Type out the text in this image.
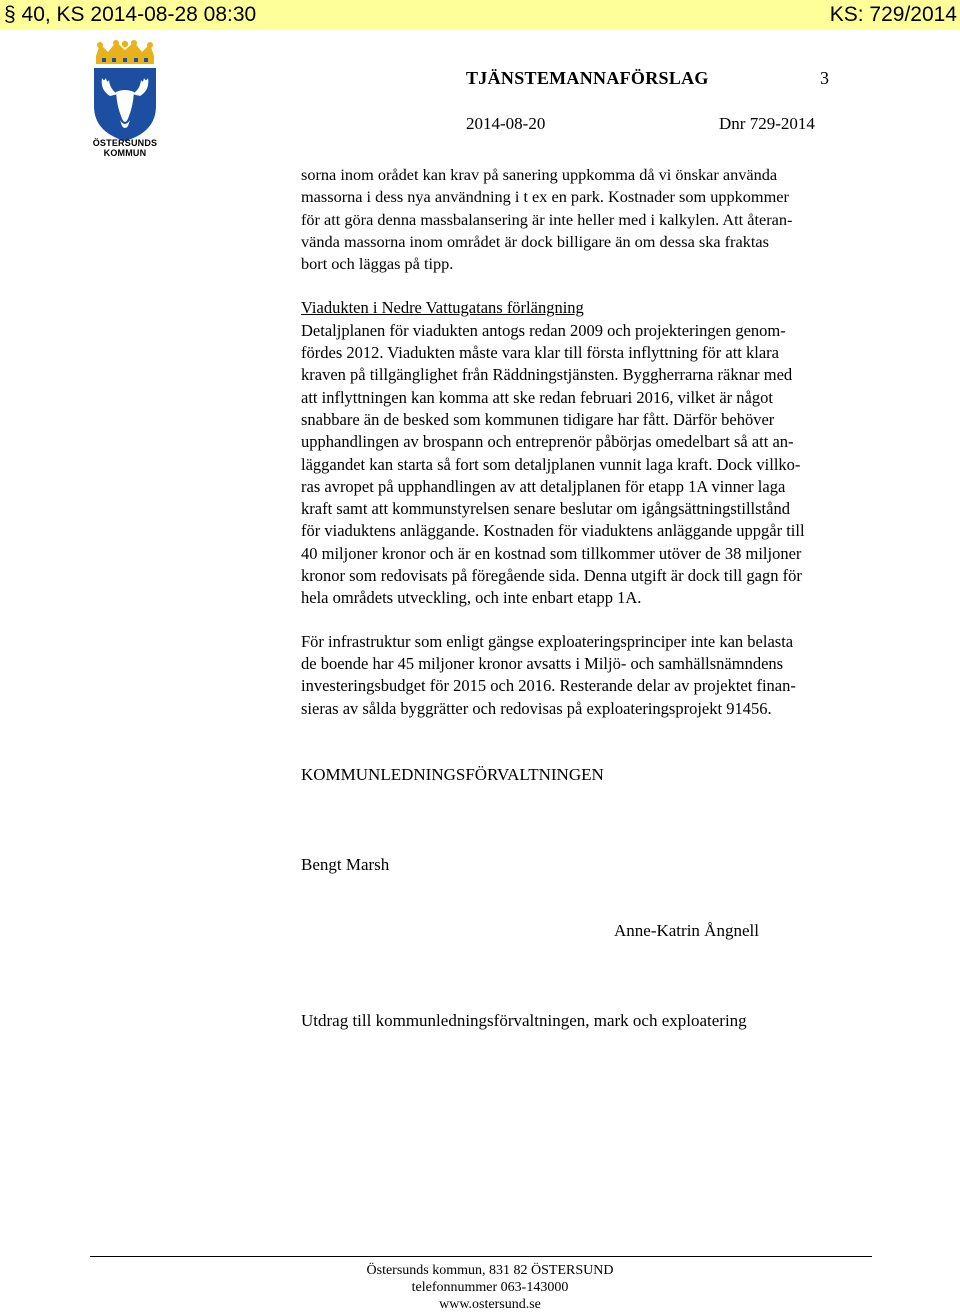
§ 40, KS 2014-08-28 08:30	KS: 729/2014
ÖSTERSUNDS
KOMMUN
TJÄNSTEMANNAFÖRSLAG	3
2014-08-20	Dnr 729-2014
sorna inom orådet kan krav på sanering uppkomma då vi önskar använda
massorna i dess nya användning i t ex en park. Kostnader som uppkommer
för att göra denna massbalansering är inte heller med i kalkylen. Att återan-
vända massorna inom området är dock billigare än om dessa ska fraktas
bort och läggas på tipp.
Viadukten i Nedre Vattugatans förlängning
Detaljplanen för viadukten antogs redan 2009 och projekteringen genom-
fördes 2012. Viadukten måste vara klar till första inflyttning för att klara
kraven på tillgänglighet från Räddningstjänsten. Byggherrarna räknar med
att inflyttningen kan komma att ske redan februari 2016, vilket är något
snabbare än de besked som kommunen tidigare har fått. Därför behöver
upphandlingen av brospann och entreprenör påbörjas omedelbart så att an-
läggandet kan starta så fort som detaljplanen vunnit laga kraft. Dock villko-
ras avropet på upphandlingen av att detaljplanen för etapp 1A vinner laga
kraft samt att kommunstyrelsen senare beslutar om igångsättningstillstånd
för viaduktens anläggande. Kostnaden för viaduktens anläggande uppgår till
40 miljoner kronor och är en kostnad som tillkommer utöver de 38 miljoner
kronor som redovisats på föregående sida. Denna utgift är dock till gagn för
hela områdets utveckling, och inte enbart etapp 1A.
För infrastruktur som enligt gängse exploateringsprinciper inte kan belasta
de boende har 45 miljoner kronor avsatts i Miljö- och samhällsnämndens
investeringsbudget för 2015 och 2016. Resterande delar av projektet finan-
sieras av sålda byggrätter och redovisas på exploateringsprojekt 91456.
KOMMUNLEDNINGSFÖRVALTNINGEN
Bengt Marsh
Anne-Katrin Ångnell
Utdrag till kommunledningsförvaltningen, mark och exploatering
Östersunds kommun, 831 82 ÖSTERSUND
telefonnummer 063-143000
www.ostersund.se
